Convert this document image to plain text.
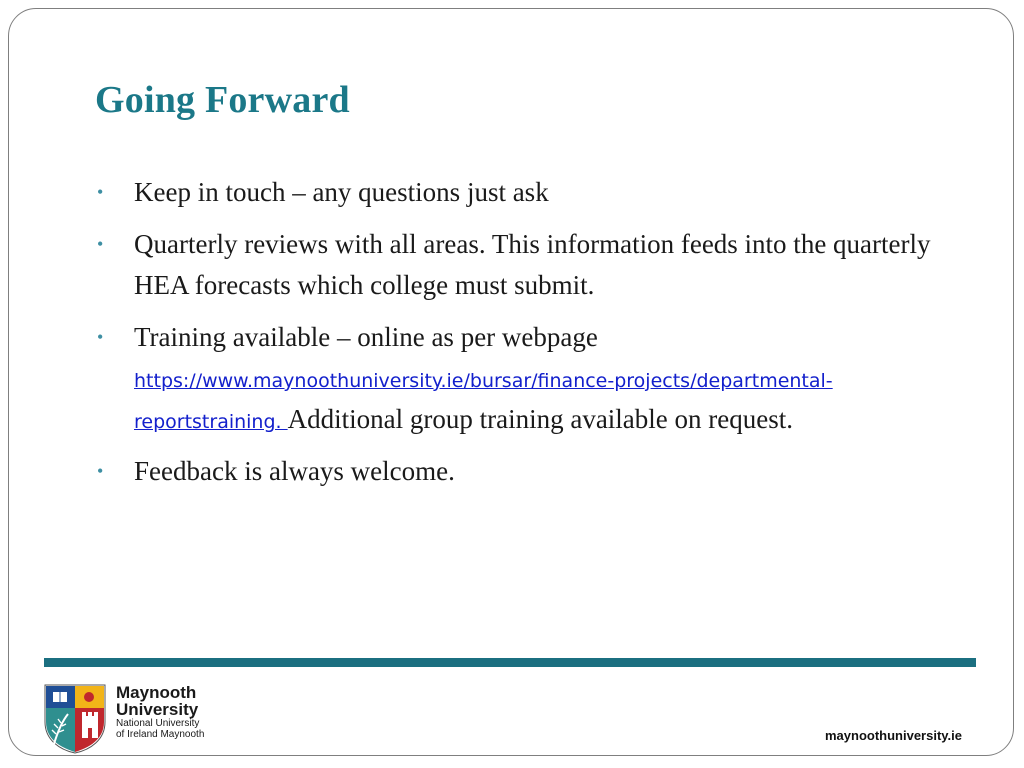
Going Forward
• Keep in touch – any questions just ask
• Quarterly reviews with all areas. This information feeds into the quarterly HEA forecasts which college must submit.
• Training available – online as per webpage
https://www.maynoothuniversity.ie/bursar/finance-projects/departmental-reportstraining. Additional group training available on request.
• Feedback is always welcome.
Maynooth
University
National University
of Ireland Maynooth	maynoothuniversity.ie
